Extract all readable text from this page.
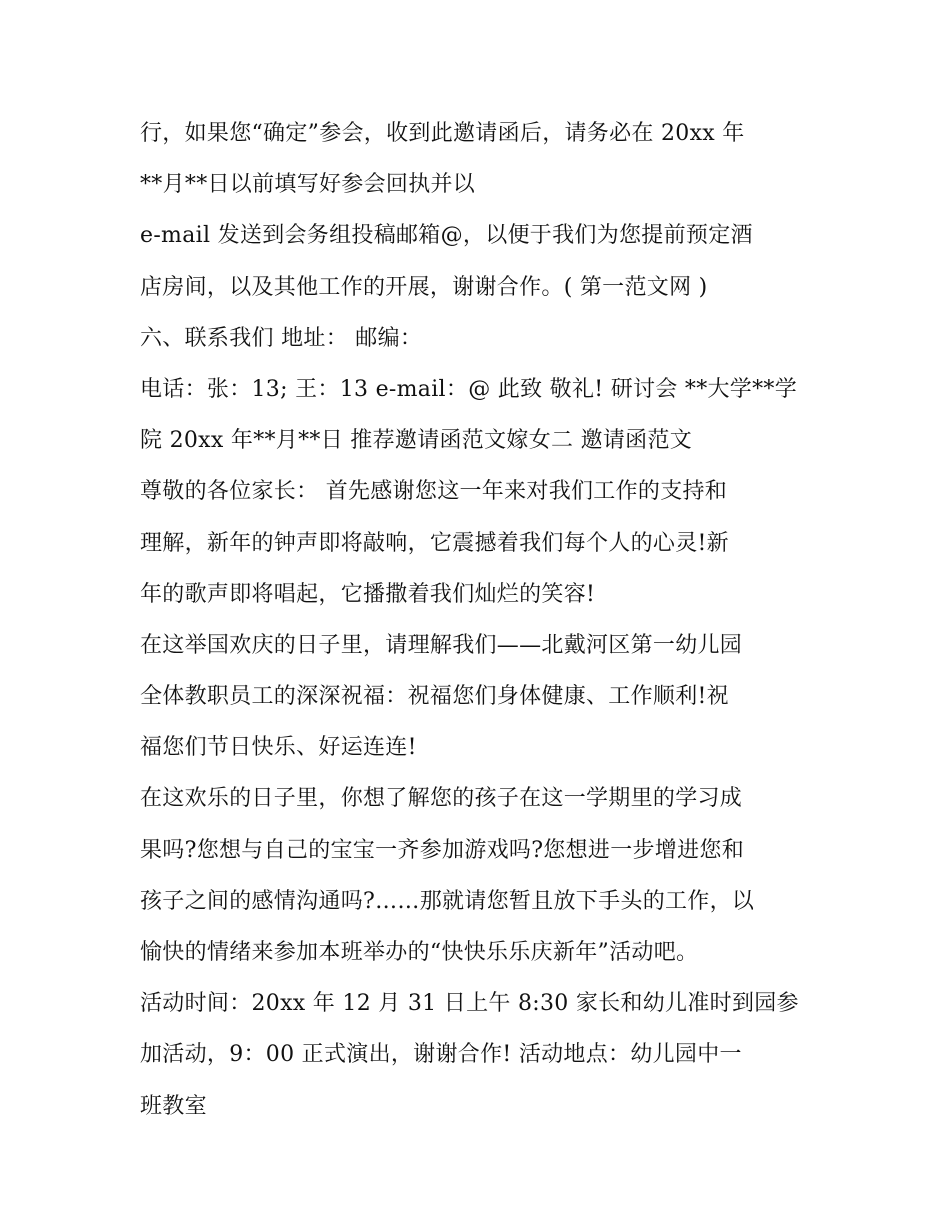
行，如果您“确定”参会，收到此邀请函后，请务必在 20xx 年
**月**日以前填写好参会回执并以
e-mail 发送到会务组投稿邮箱@，以便于我们为您提前预定酒
店房间，以及其他工作的开展，谢谢合作。( 第一范文网 )
六、联系我们 地址： 邮编：
电话：张：13; 王：13 e-mail：@ 此致 敬礼! 研讨会 **大学**学
院 20xx 年**月**日 推荐邀请函范文嫁女二 邀请函范文
尊敬的各位家长： 首先感谢您这一年来对我们工作的支持和
理解，新年的钟声即将敲响，它震撼着我们每个人的心灵!新
年的歌声即将唱起，它播撒着我们灿烂的笑容!
在这举国欢庆的日子里，请理解我们——北戴河区第一幼儿园
全体教职员工的深深祝福：祝福您们身体健康、工作顺利!祝
福您们节日快乐、好运连连!
在这欢乐的日子里，你想了解您的孩子在这一学期里的学习成
果吗?您想与自己的宝宝一齐参加游戏吗?您想进一步增进您和
孩子之间的感情沟通吗?……那就请您暂且放下手头的工作，以
愉快的情绪来参加本班举办的“快快乐乐庆新年”活动吧。
活动时间：20xx 年 12 月 31 日上午 8:30 家长和幼儿准时到园参
加活动，9：00 正式演出，谢谢合作! 活动地点：幼儿园中一
班教室
